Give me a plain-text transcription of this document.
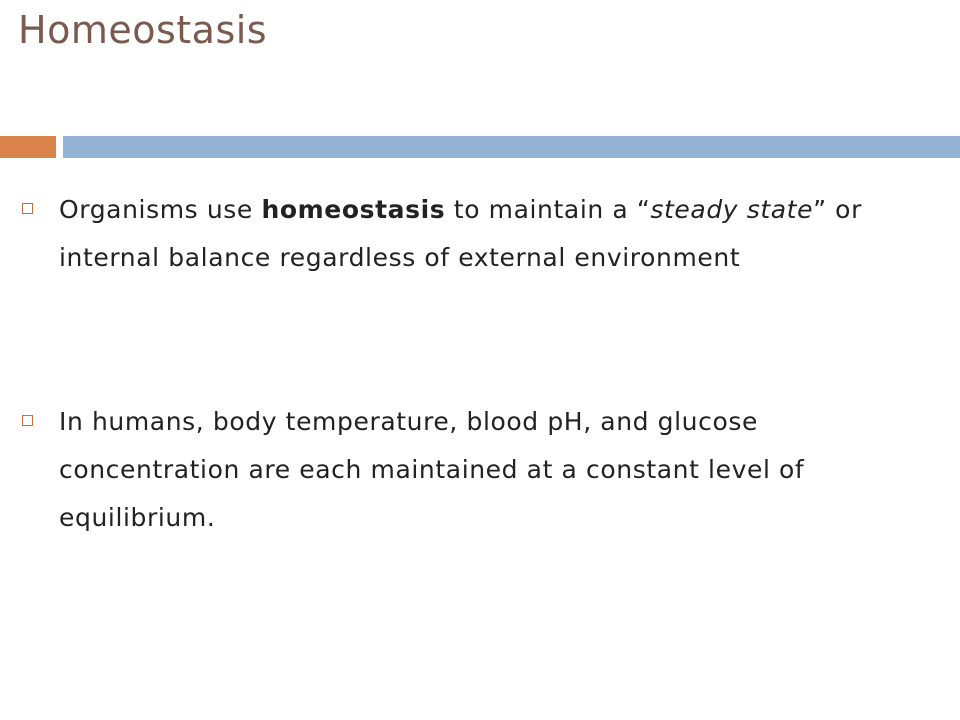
Homeostasis
Organisms use homeostasis to maintain a “steady state” or internal balance regardless of external environment
In humans, body temperature, blood pH, and glucose concentration are each maintained at a constant level of equilibrium.
